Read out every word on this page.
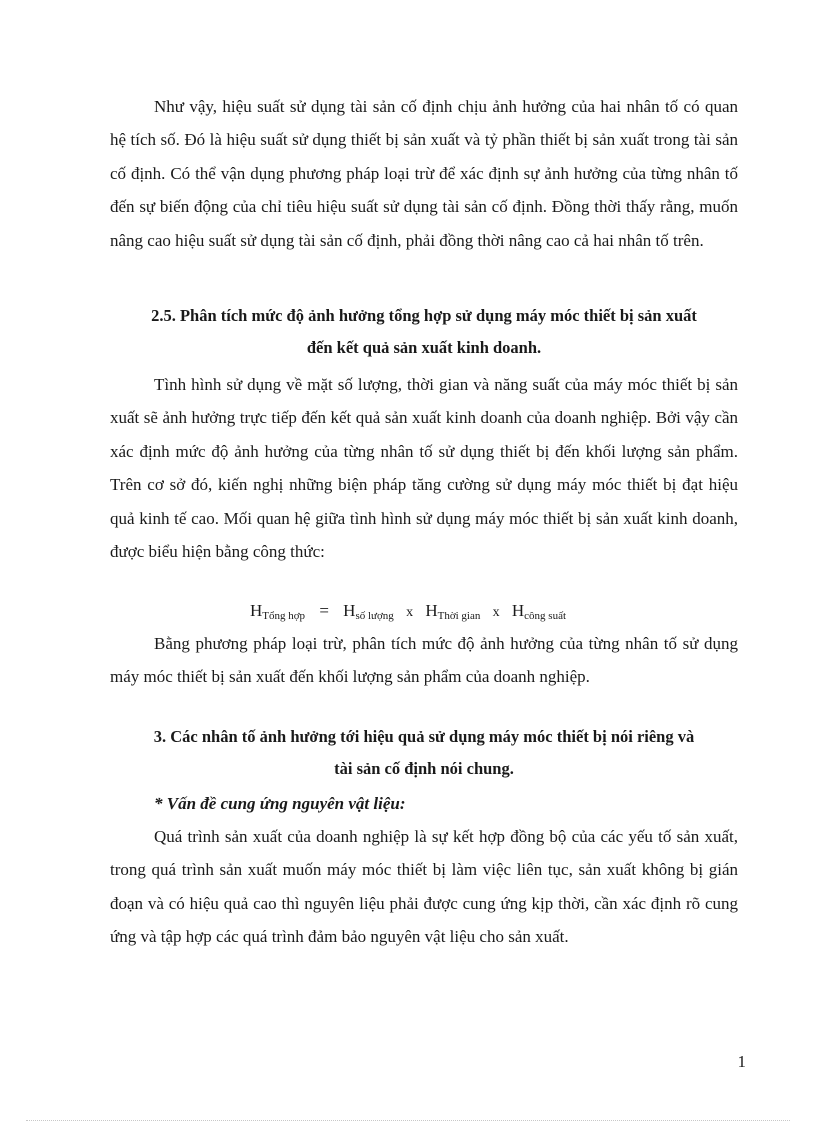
Như vậy, hiệu suất sử dụng tài sản cố định chịu ảnh hưởng của hai nhân tố có quan hệ tích số. Đó là hiệu suất sử dụng thiết bị sản xuất và tỷ phần thiết bị sản xuất trong tài sản cố định. Có thể vận dụng phương pháp loại trừ để xác định sự ảnh hưởng của từng nhân tố đến sự biến động của chỉ tiêu hiệu suất sử dụng tài sản cố định. Đồng thời thấy rằng, muốn nâng cao hiệu suất sử dụng tài sản cố định, phải đồng thời nâng cao cả hai nhân tố trên.

2.5. Phân tích mức độ ảnh hưởng tổng hợp sử dụng máy móc thiết bị sản xuất
đến kết quả sản xuất kinh doanh.

Tình hình sử dụng về mặt số lượng, thời gian và năng suất của máy móc thiết bị sản xuất sẽ ảnh hưởng trực tiếp đến kết quả sản xuất kinh doanh của doanh nghiệp. Bởi vậy cần xác định mức độ ảnh hưởng của từng nhân tố sử dụng thiết bị đến khối lượng sản phẩm. Trên cơ sở đó, kiến nghị những biện pháp tăng cường sử dụng máy móc thiết bị đạt hiệu quả kinh tế cao. Mối quan hệ giữa tình hình sử dụng máy móc thiết bị sản xuất kinh doanh, được biểu hiện bằng công thức:

$H_{Tổng hợp} = H_{số lượng}$ x $H_{Thời gian}$ x $H_{công suất}$

Bằng phương pháp loại trừ, phân tích mức độ ảnh hưởng của từng nhân tố sử dụng máy móc thiết bị sản xuất đến khối lượng sản phẩm của doanh nghiệp.

3. Các nhân tố ảnh hưởng tới hiệu quả sử dụng máy móc thiết bị nói riêng và
tài sản cố định nói chung.

* Vấn đề cung ứng nguyên vật liệu:

Quá trình sản xuất của doanh nghiệp là sự kết hợp đồng bộ của các yếu tố sản xuất, trong quá trình sản xuất muốn máy móc thiết bị làm việc liên tục, sản xuất không bị gián đoạn và có hiệu quả cao thì nguyên liệu phải được cung ứng kịp thời, cần xác định rõ cung ứng và tập hợp các quá trình đảm bảo nguyên vật liệu cho sản xuất.

1
